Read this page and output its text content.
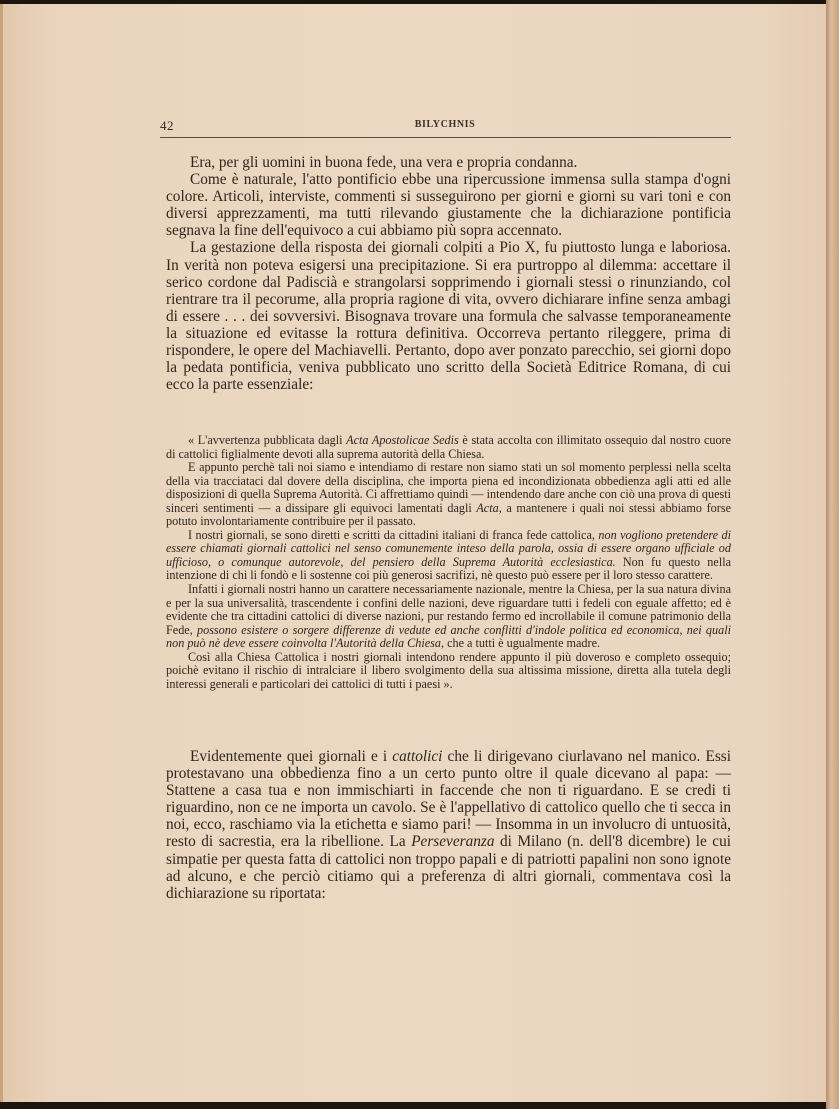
42	BILYCHNIS

Era, per gli uomini in buona fede, una vera e propria condanna.

Come è naturale, l'atto pontificio ebbe una ripercussione immensa sulla stampa d'ogni colore. Articoli, interviste, commenti si susseguirono per giorni e giorni su vari toni e con diversi apprezzamenti, ma tutti rilevando giustamente che la dichiarazione pontificia segnava la fine dell'equivoco a cui abbiamo più sopra accennato.

La gestazione della risposta dei giornali colpiti a Pio X, fu piuttosto lunga e laboriosa. In verità non poteva esigersi una precipitazione. Si era purtroppo al dilemma: accettare il serico cordone dal Padiscià e strangolarsi sopprimendo i giornali stessi o rinunziando, col rientrare tra il pecorume, alla propria ragione di vita, ovvero dichiarare infine senza ambagi di essere . . . dei sovversivi. Bisognava trovare una formula che salvasse temporaneamente la situazione ed evitasse la rottura definitiva. Occorreva pertanto rileggere, prima di rispondere, le opere del Machiavelli. Pertanto, dopo aver ponzato parecchio, sei giorni dopo la pedata pontificia, veniva pubblicato uno scritto della Società Editrice Romana, di cui ecco la parte essenziale:

« L'avvertenza pubblicata dagli Acta Apostolicae Sedis è stata accolta con illimitato ossequio dal nostro cuore di cattolici figlialmente devoti alla suprema autorità della Chiesa.

E appunto perchè tali noi siamo e intendiamo di restare non siamo stati un sol momento perplessi nella scelta della via tracciataci dal dovere della disciplina, che importa piena ed incondizionata obbedienza agli atti ed alle disposizioni di quella Suprema Autorità. Ci affrettiamo quindi — intendendo dare anche con ciò una prova di questi sinceri sentimenti — a dissipare gli equivoci lamentati dagli Acta, a mantenere i quali noi stessi abbiamo forse potuto involontariamente contribuire per il passato.

I nostri giornali, se sono diretti e scritti da cittadini italiani di franca fede cattolica, non vogliono pretendere di essere chiamati giornali cattolici nel senso comunemente inteso della parola, ossia di essere organo ufficiale od ufficioso, o comunque autorevole, del pensiero della Suprema Autorità ecclesiastica. Non fu questo nella intenzione di chi li fondò e li sostenne coi più generosi sacrifizi, nè questo può essere per il loro stesso carattere.

Infatti i giornali nostri hanno un carattere necessariamente nazionale, mentre la Chiesa, per la sua natura divina e per la sua universalità, trascendente i confini delle nazioni, deve riguardare tutti i fedeli con eguale affetto; ed è evidente che tra cittadini cattolici di diverse nazioni, pur restando fermo ed incrollabile il comune patrimonio della Fede, possono esistere o sorgere differenze di vedute ed anche conflitti d'indole politica ed economica, nei quali non può nè deve essere coinvolta l'Autorità della Chiesa, che a tutti è ugualmente madre.

Così alla Chiesa Cattolica i nostri giornali intendono rendere appunto il più doveroso e completo ossequio; poichè evitano il rischio di intralciare il libero svolgimento della sua altissima missione, diretta alla tutela degli interessi generali e particolari dei cattolici di tutti i paesi ».

Evidentemente quei giornali e i cattolici che li dirigevano ciurlavano nel manico. Essi protestavano una obbedienza fino a un certo punto oltre il quale dicevano al papa: — Stattene a casa tua e non immischiarti in faccende che non ti riguardano. E se credi ti riguardino, non ce ne importa un cavolo. Se è l'appellativo di cattolico quello che ti secca in noi, ecco, raschiamo via la etichetta e siamo pari! — Insomma in un involucro di untuosità, resto di sacrestia, era la ribellione. La Perseveranza di Milano (n. dell'8 dicembre) le cui simpatie per questa fatta di cattolici non troppo papali e di patriotti papalini non sono ignote ad alcuno, e che perciò citiamo qui a preferenza di altri giornali, commentava così la dichiarazione su riportata:
